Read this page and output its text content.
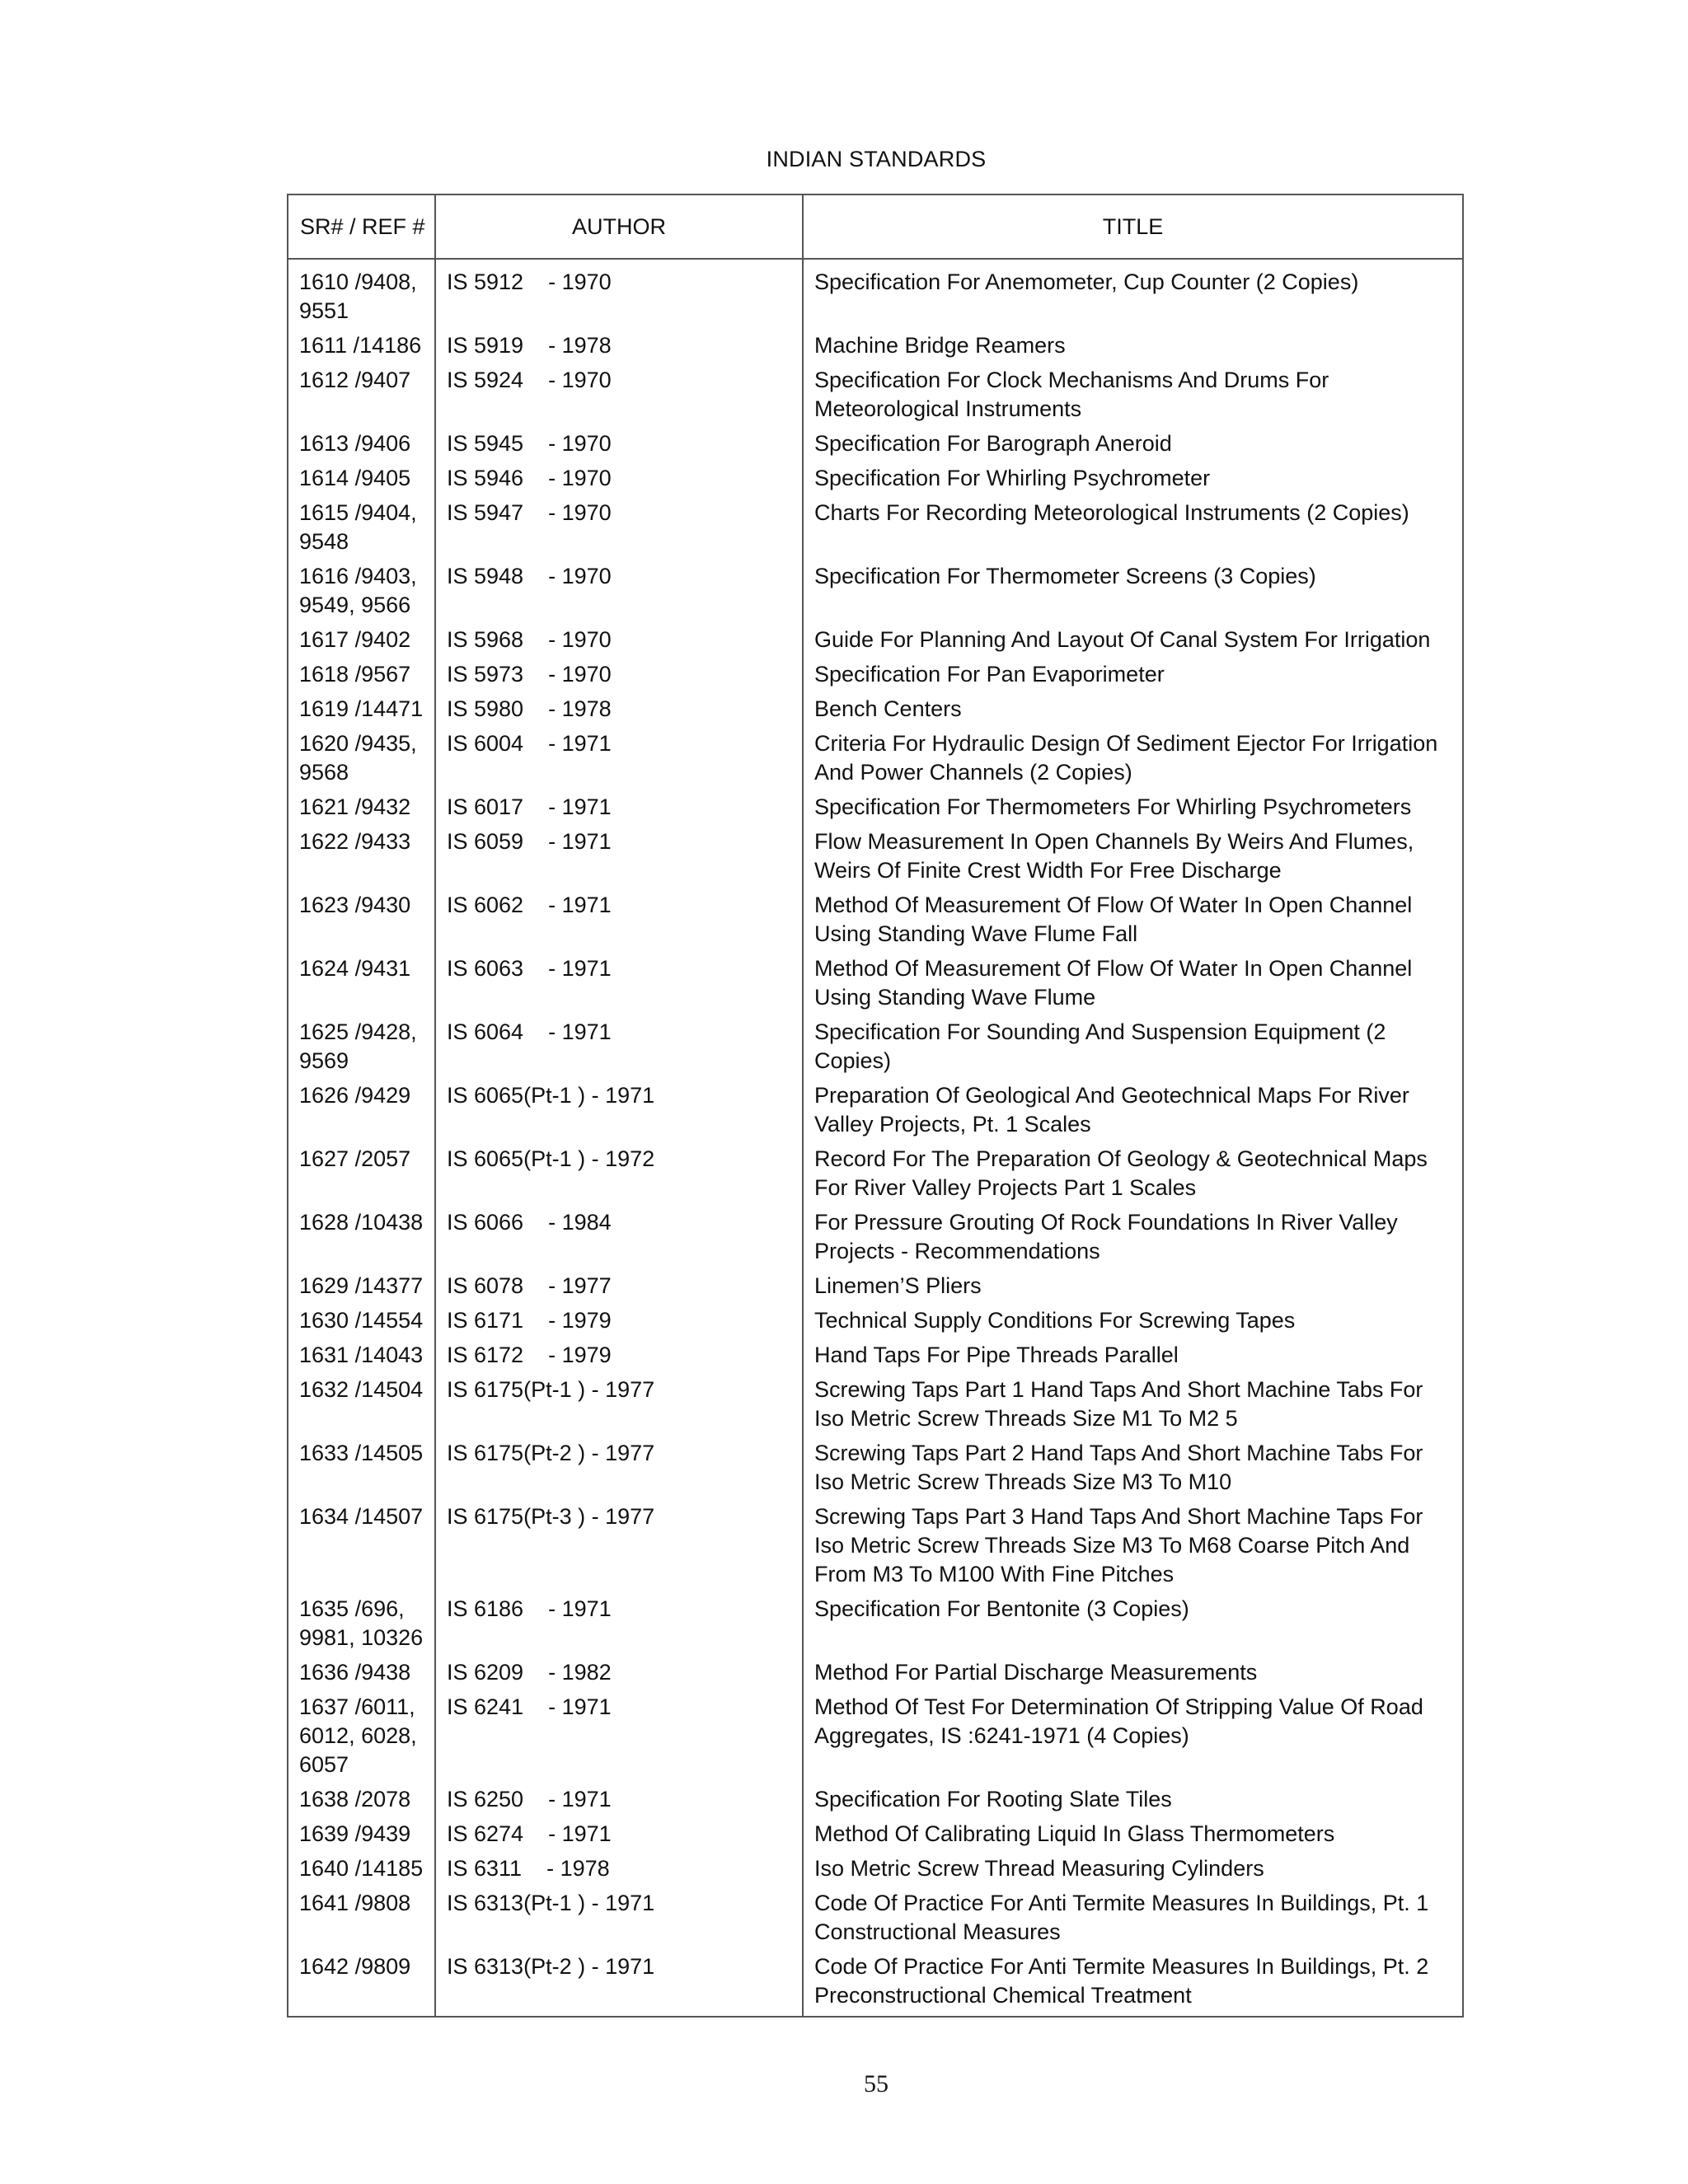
INDIAN STANDARDS
SR# / REF #	AUTHOR	TITLE
1610 /9408,
9551	IS 5912    - 1970	Specification For Anemometer, Cup Counter (2 Copies)
1611 /14186	IS 5919    - 1978	Machine Bridge Reamers
1612 /9407	IS 5924    - 1970	Specification For Clock Mechanisms And Drums For Meteorological Instruments
1613 /9406	IS 5945    - 1970	Specification For Barograph Aneroid
1614 /9405	IS 5946    - 1970	Specification For Whirling Psychrometer
1615 /9404,
9548	IS 5947    - 1970	Charts For Recording Meteorological Instruments (2 Copies)
1616 /9403,
9549, 9566	IS 5948    - 1970	Specification For Thermometer Screens (3 Copies)
1617 /9402	IS 5968    - 1970	Guide For Planning And Layout Of Canal System For Irrigation
1618 /9567	IS 5973    - 1970	Specification For Pan Evaporimeter
1619 /14471	IS 5980    - 1978	Bench Centers
1620 /9435,
9568	IS 6004    - 1971	Criteria For Hydraulic Design Of Sediment Ejector For Irrigation And Power Channels (2 Copies)
1621 /9432	IS 6017    - 1971	Specification For Thermometers For Whirling Psychrometers
1622 /9433	IS 6059    - 1971	Flow Measurement In Open Channels By Weirs And Flumes, Weirs Of Finite Crest Width For Free Discharge
1623 /9430	IS 6062    - 1971	Method Of Measurement Of Flow Of Water In Open Channel Using Standing Wave Flume Fall
1624 /9431	IS 6063    - 1971	Method Of Measurement Of Flow Of Water In Open Channel Using Standing Wave Flume
1625 /9428,
9569	IS 6064    - 1971	Specification For Sounding And Suspension Equipment (2 Copies)
1626 /9429	IS 6065(Pt-1 ) - 1971	Preparation Of Geological And Geotechnical Maps For River Valley Projects, Pt. 1 Scales
1627 /2057	IS 6065(Pt-1 ) - 1972	Record For The Preparation Of Geology & Geotechnical Maps For River Valley Projects Part 1 Scales
1628 /10438	IS 6066    - 1984	For Pressure Grouting Of Rock Foundations In River Valley Projects - Recommendations
1629 /14377	IS 6078    - 1977	Linemen’S Pliers
1630 /14554	IS 6171    - 1979	Technical Supply Conditions For Screwing Tapes
1631 /14043	IS 6172    - 1979	Hand Taps For Pipe Threads Parallel
1632 /14504	IS 6175(Pt-1 ) - 1977	Screwing Taps Part 1 Hand Taps And Short Machine Tabs For Iso Metric Screw Threads Size M1 To M2 5
1633 /14505	IS 6175(Pt-2 ) - 1977	Screwing Taps Part 2 Hand Taps And Short Machine Tabs For Iso Metric Screw Threads Size M3 To M10
1634 /14507	IS 6175(Pt-3 ) - 1977	Screwing Taps Part 3 Hand Taps And Short Machine Taps For Iso Metric Screw Threads Size M3 To M68 Coarse Pitch And From M3 To M100 With Fine Pitches
1635 /696,
9981, 10326	IS 6186    - 1971	Specification For Bentonite (3 Copies)
1636 /9438	IS 6209    - 1982	Method For Partial Discharge Measurements
1637 /6011,
6012, 6028,
6057	IS 6241    - 1971	Method Of Test For Determination Of Stripping Value Of Road Aggregates, IS :6241-1971 (4 Copies)
1638 /2078	IS 6250    - 1971	Specification For Rooting Slate Tiles
1639 /9439	IS 6274    - 1971	Method Of Calibrating Liquid In Glass Thermometers
1640 /14185	IS 6311    - 1978	Iso Metric Screw Thread Measuring Cylinders
1641 /9808	IS 6313(Pt-1 ) - 1971	Code Of Practice For Anti Termite Measures In Buildings, Pt. 1 Constructional Measures
1642 /9809	IS 6313(Pt-2 ) - 1971	Code Of Practice For Anti Termite Measures In Buildings, Pt. 2 Preconstructional Chemical Treatment
55
